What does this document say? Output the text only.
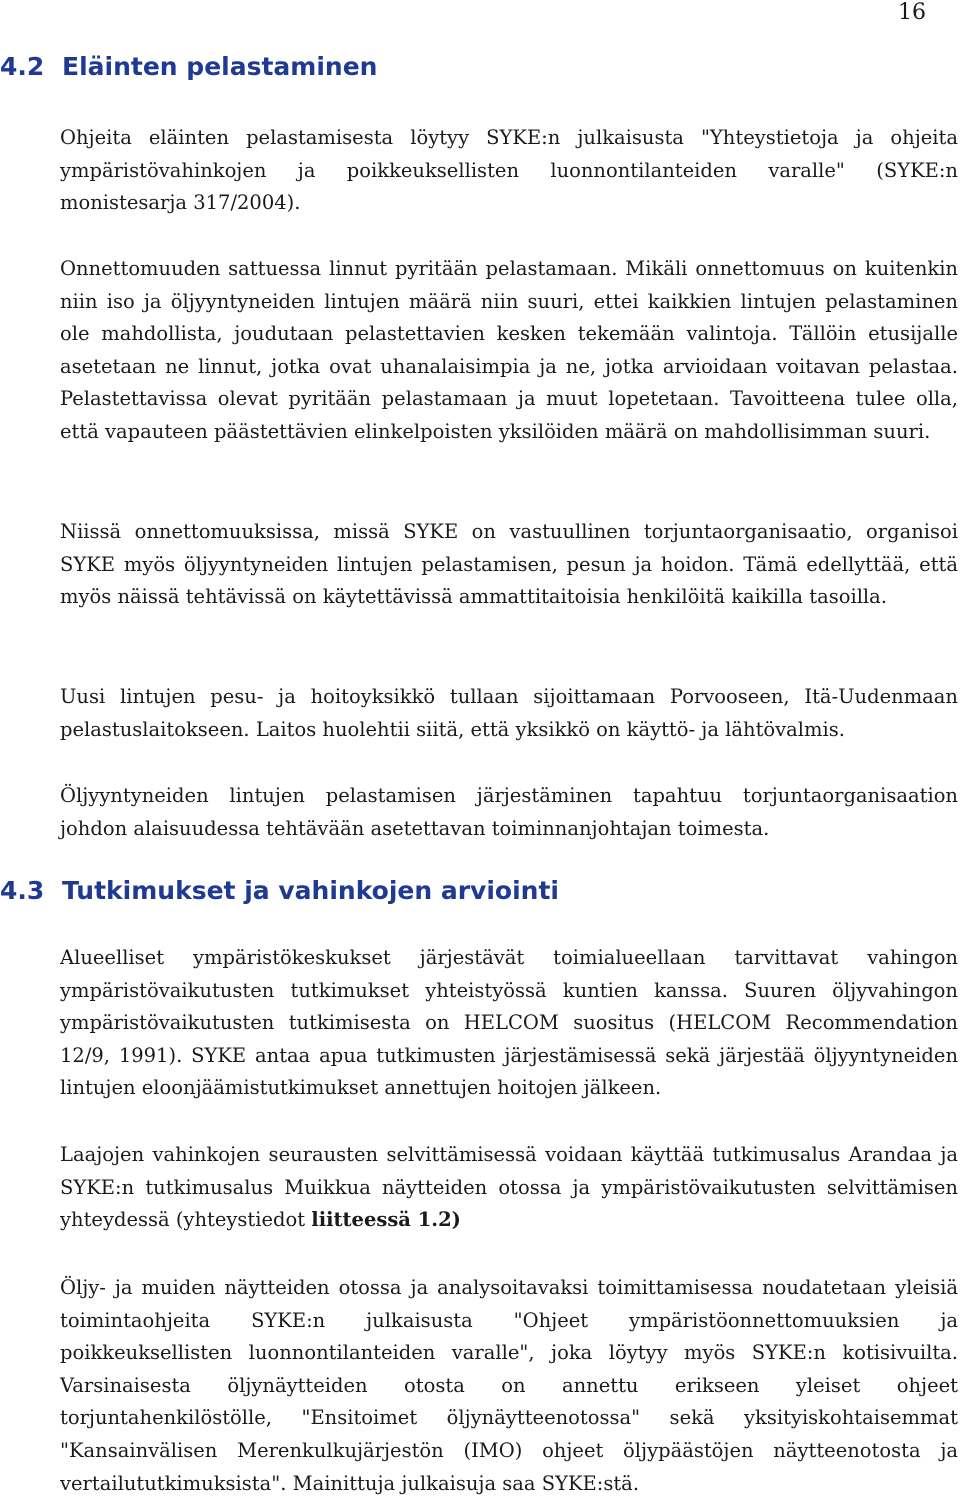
16
4.2 Eläinten pelastaminen

Ohjeita eläinten pelastamisesta löytyy SYKE:n julkaisusta "Yhteystietoja ja ohjeita ympäristövahinkojen ja poikkeuksellisten luonnontilanteiden varalle" (SYKE:n monistesarja 317/2004).

Onnettomuuden sattuessa linnut pyritään pelastamaan. Mikäli onnettomuus on kuitenkin niin iso ja öljyyntyneiden lintujen määrä niin suuri, ettei kaikkien lintujen pelastaminen ole mahdollista, joudutaan pelastettavien kesken tekemään valintoja. Tällöin etusijalle asetetaan ne linnut, jotka ovat uhanalaisimpia ja ne, jotka arvioidaan voitavan pelastaa. Pelastettavissa olevat pyritään pelastamaan ja muut lopetetaan. Tavoitteena tulee olla, että vapauteen päästettävien elinkelpoisten yksilöiden määrä on mahdollisimman suuri.

Niissä onnettomuuksissa, missä SYKE on vastuullinen torjuntaorganisaatio, organisoi SYKE myös öljyyntyneiden lintujen pelastamisen, pesun ja hoidon. Tämä edellyttää, että myös näissä tehtävissä on käytettävissä ammattitaitoisia henkilöitä kaikilla tasoilla.

Uusi lintujen pesu- ja hoitoyksikkö tullaan sijoittamaan Porvooseen, Itä-Uudenmaan pelastuslaitokseen. Laitos huolehtii siitä, että yksikkö on käyttö- ja lähtövalmis.

Öljyyntyneiden lintujen pelastamisen järjestäminen tapahtuu torjuntaorganisaation johdon alaisuudessa tehtävään asetettavan toiminnanjohtajan toimesta.

4.3 Tutkimukset ja vahinkojen arviointi

Alueelliset ympäristökeskukset järjestävät toimialueellaan tarvittavat vahingon ympäristövaikutusten tutkimukset yhteistyössä kuntien kanssa. Suuren öljyvahingon ympäristövaikutusten tutkimisesta on HELCOM suositus (HELCOM Recommendation 12/9, 1991). SYKE antaa apua tutkimusten järjestämisessä sekä järjestää öljyyntyneiden lintujen eloonjäämistutkimukset annettujen hoitojen jälkeen.

Laajojen vahinkojen seurausten selvittämisessä voidaan käyttää tutkimusalus Arandaa ja SYKE:n tutkimusalus Muikkua näytteiden otossa ja ympäristövaikutusten selvittämisen yhteydessä (yhteystiedot liitteessä 1.2)

Öljy- ja muiden näytteiden otossa ja analysoitavaksi toimittamisessa noudatetaan yleisiä toimintaohjeita SYKE:n julkaisusta "Ohjeet ympäristöonnettomuuksien ja poikkeuksellisten luonnontilanteiden varalle", joka löytyy myös SYKE:n kotisivuilta. Varsinaisesta öljynäytteiden otosta on annettu erikseen yleiset ohjeet torjuntahenkilöstölle, "Ensitoimet öljynäytteenotossa" sekä yksityiskohtaisemmat "Kansainvälisen Merenkulkujärjestön (IMO) ohjeet öljypäästöjen näytteenotosta ja vertailututkimuksista". Mainittuja julkaisuja saa SYKE:stä.
